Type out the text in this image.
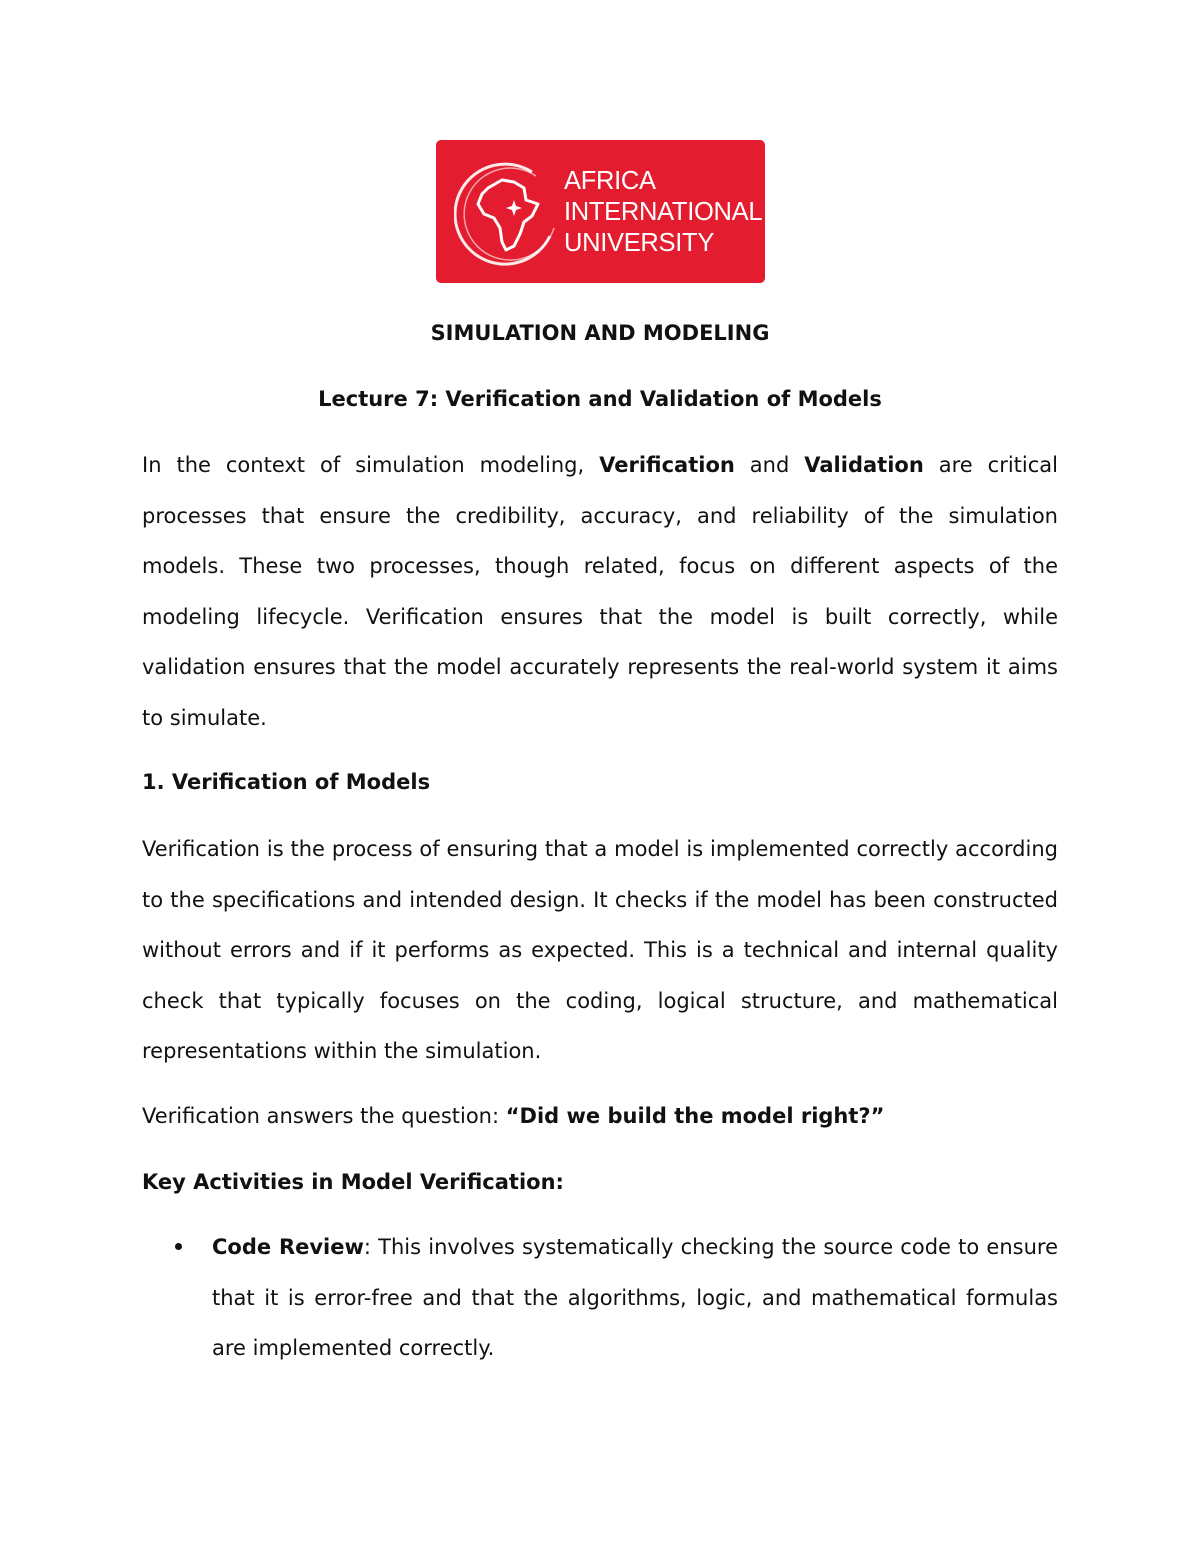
AFRICA
INTERNATIONAL
UNIVERSITY
SIMULATION AND MODELING
Lecture 7: Verification and Validation of Models

In the context of simulation modeling, Verification and Validation are critical processes that ensure the credibility, accuracy, and reliability of the simulation models. These two processes, though related, focus on different aspects of the modeling lifecycle. Verification ensures that the model is built correctly, while validation ensures that the model accurately represents the real-world system it aims to simulate.

1. Verification of Models

Verification is the process of ensuring that a model is implemented correctly according to the specifications and intended design. It checks if the model has been constructed without errors and if it performs as expected. This is a technical and internal quality check that typically focuses on the coding, logical structure, and mathematical representations within the simulation.

Verification answers the question: “Did we build the model right?”

Key Activities in Model Verification:
Code Review: This involves systematically checking the source code to ensure that it is error-free and that the algorithms, logic, and mathematical formulas are implemented correctly.
